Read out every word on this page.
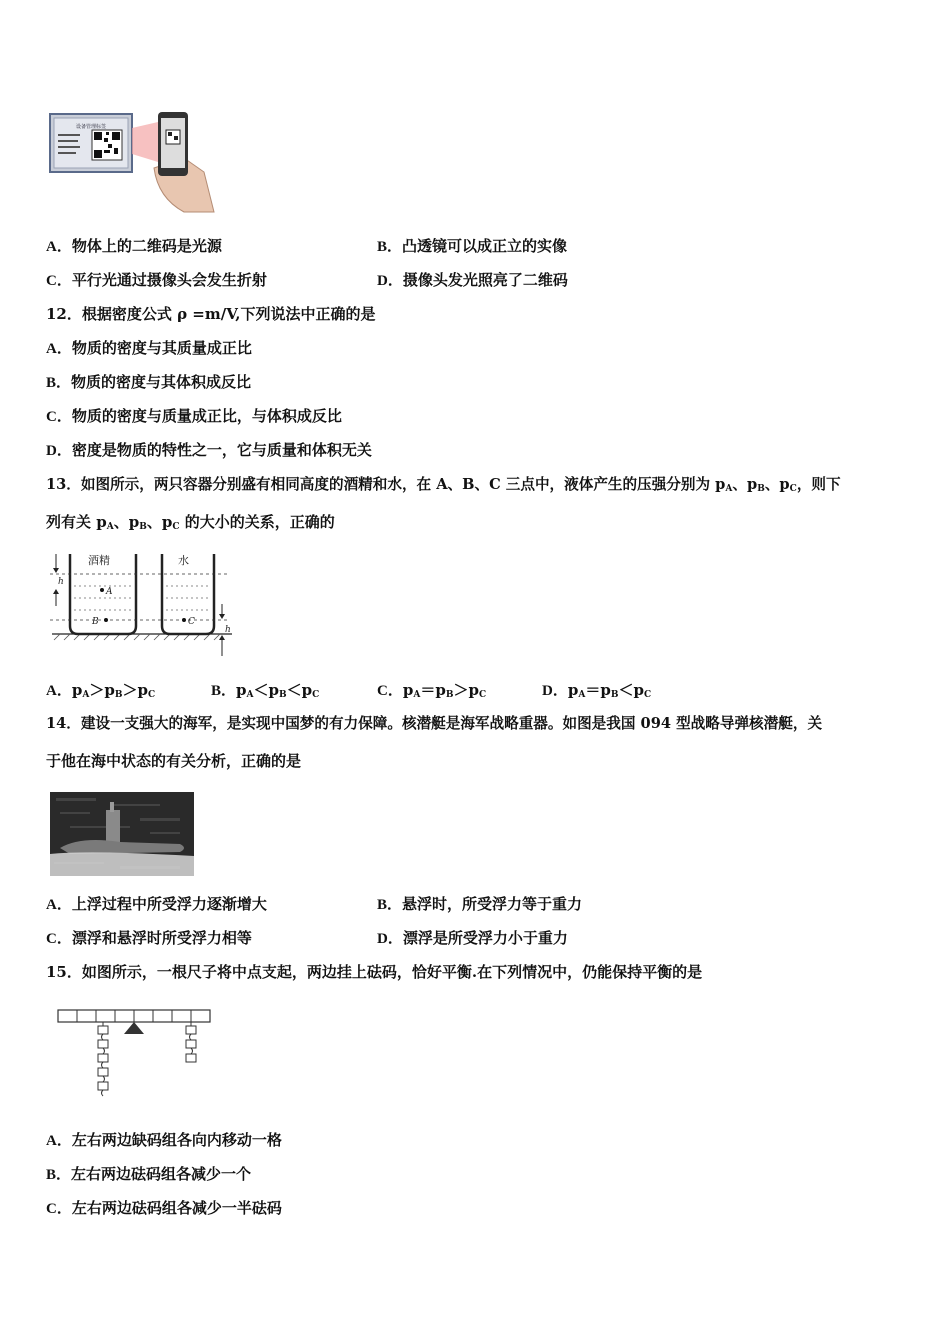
设备管理标签
A．物体上的二维码是光源	B．凸透镜可以成正立的实像
C．平行光通过摄像头会发生折射	D．摄像头发光照亮了二维码
12．根据密度公式 ρ =m/V,下列说法中正确的是
A．物质的密度与其质量成正比
B．物质的密度与其体积成反比
C．物质的密度与质量成正比，与体积成反比
D．密度是物质的特性之一，它与质量和体积无关
13．如图所示，两只容器分别盛有相同高度的酒精和水，在 A、B、C 三点中，液体产生的压强分别为 $p_A$、$p_B$、$p_C$，则下
列有关 $p_A$、$p_B$、$p_C$ 的大小的关系，正确的
酒精	水
A
B	C
h
h
A．$p_A>p_B>p_C$	B．$p_A<p_B<p_C$	C．$p_A=p_B>p_C$	D．$p_A=p_B<p_C$
14．建设一支强大的海军，是实现中国梦的有力保障。核潜艇是海军战略重器。如图是我国 094 型战略导弹核潜艇，关
于他在海中状态的有关分析，正确的是
A．上浮过程中所受浮力逐渐增大	B．悬浮时，所受浮力等于重力
C．漂浮和悬浮时所受浮力相等	D．漂浮是所受浮力小于重力
15．如图所示，一根尺子将中点支起，两边挂上砝码，恰好平衡.在下列情况中，仍能保持平衡的是
A．左右两边缺码组各向内移动一格
B．左右两边砝码组各减少一个
C．左右两边砝码组各减少一半砝码
